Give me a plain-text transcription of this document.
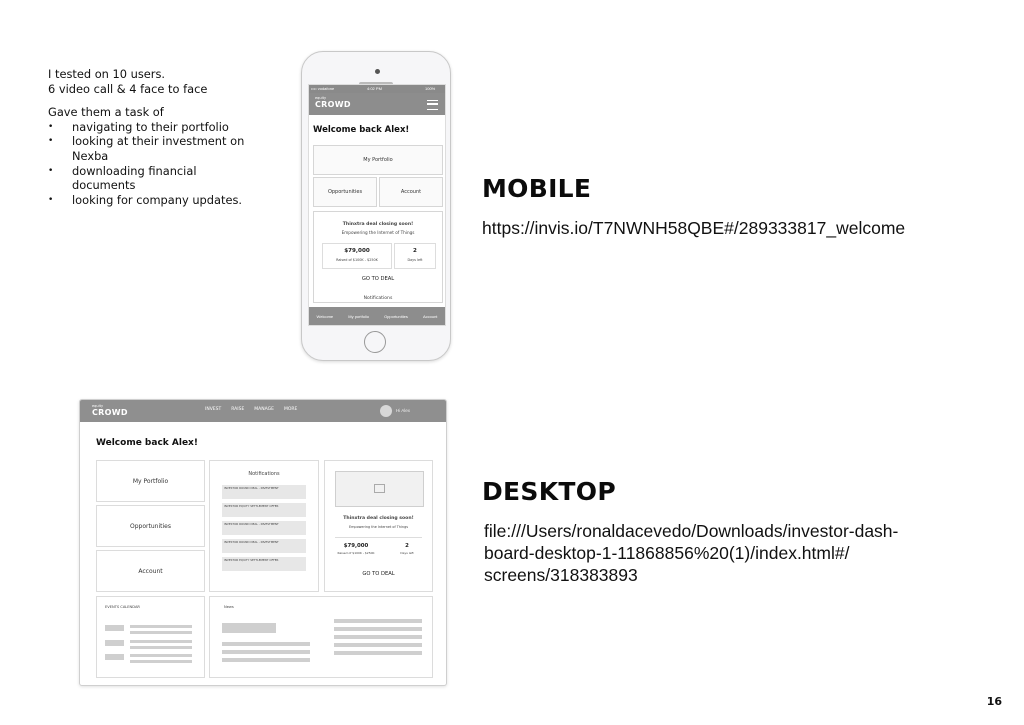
I tested on 10 users.

6 video call & 4 face to face

Gave them a task of

• navigating to their portfolio
• looking at their investment on Nexba
• downloading financial documents
• looking for company updates.
•••• vodafone	4:02 PM	100%
equity
CROWD
Welcome back Alex!
My Portfolio
Opportunities	Account
Thinxtra deal closing soon!
Empowering the Internet of Things
$79,000
Raised of $100K - $250K
2
Days left
GO TO DEAL
Notifications
Welcome	My portfolio	Opportunities	Account
equity
CROWD	INVEST RAISE MANAGE MORE	Hi Alex
Welcome back Alex!
My Portfolio
Opportunities
Account
Notifications
INVESTOR ROUND DEAL - INVESTMENT
INVESTOR EQUITY SETTLEMENT OFFER
INVESTOR ROUND DEAL - INVESTMENT
INVESTOR ROUND DEAL - INVESTMENT
INVESTOR EQUITY SETTLEMENT OFFER
Thinxtra deal closing soon!
Empowering the Internet of Things
$79,000
Raised of $100K - $250K
2
Days left
GO TO DEAL
EVENTS CALENDAR	News
MOBILE
https://invis.io/T7NWNH58QBE#/289333817_welcome
DESKTOP
file:///Users/ronaldacevedo/Downloads/investor-dash-
board-desktop-1-11868856%20(1)/index.html#/
screens/318383893
16
